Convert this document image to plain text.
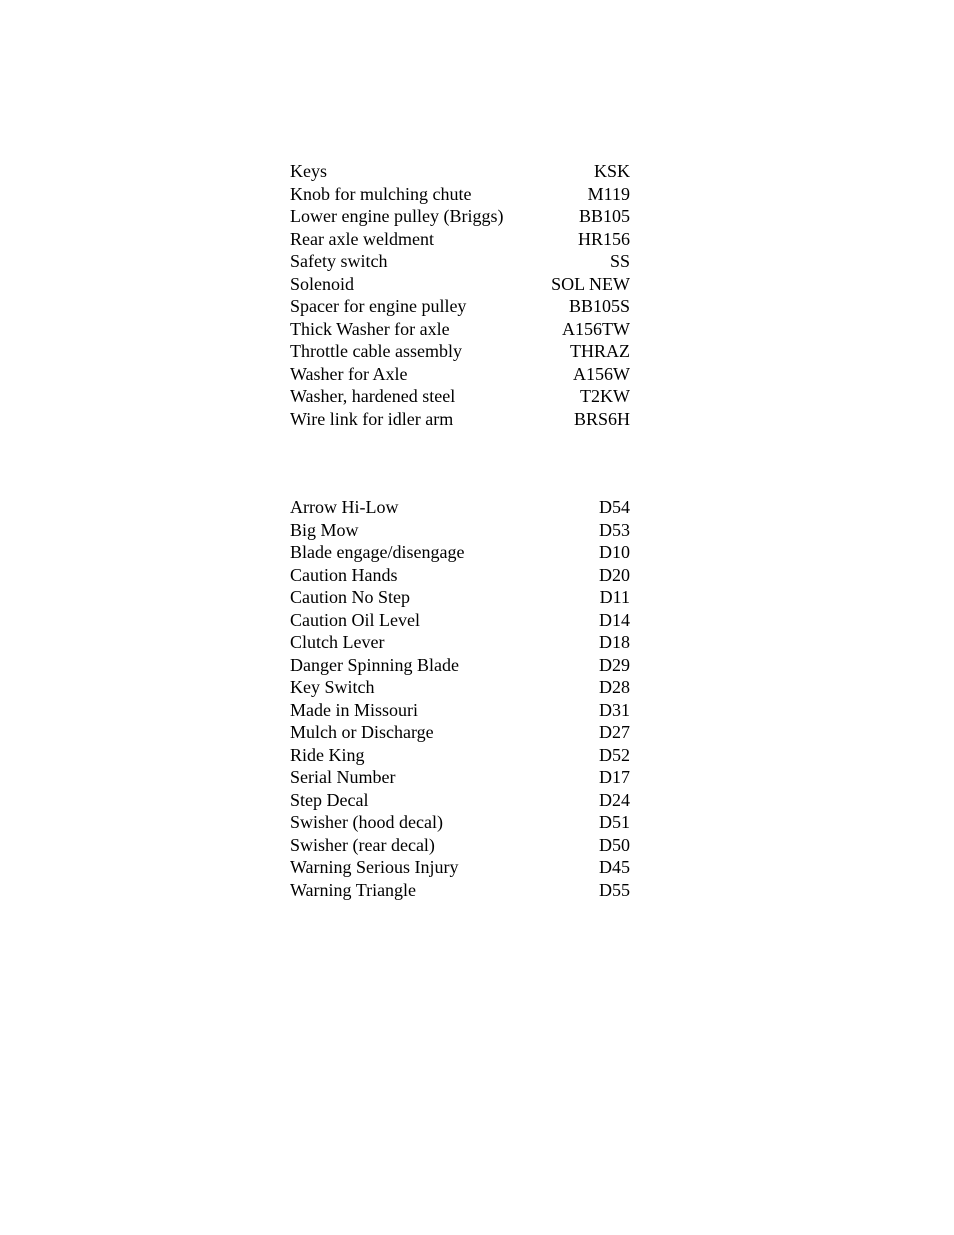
Keys	KSK
Knob for mulching chute	M119
Lower engine pulley (Briggs)	BB105
Rear axle weldment	HR156
Safety switch	SS
Solenoid	SOL NEW
Spacer for engine pulley	BB105S
Thick Washer for axle	A156TW
Throttle cable assembly	THRAZ
Washer for Axle	A156W
Washer, hardened steel	T2KW
Wire link for idler arm	BRS6H
Arrow Hi-Low	D54
Big Mow	D53
Blade engage/disengage	D10
Caution Hands	D20
Caution No Step	D11
Caution Oil Level	D14
Clutch Lever	D18
Danger Spinning Blade	D29
Key Switch	D28
Made in Missouri	D31
Mulch or Discharge	D27
Ride King	D52
Serial Number	D17
Step Decal	D24
Swisher (hood decal)	D51
Swisher (rear decal)	D50
Warning Serious Injury	D45
Warning Triangle	D55
